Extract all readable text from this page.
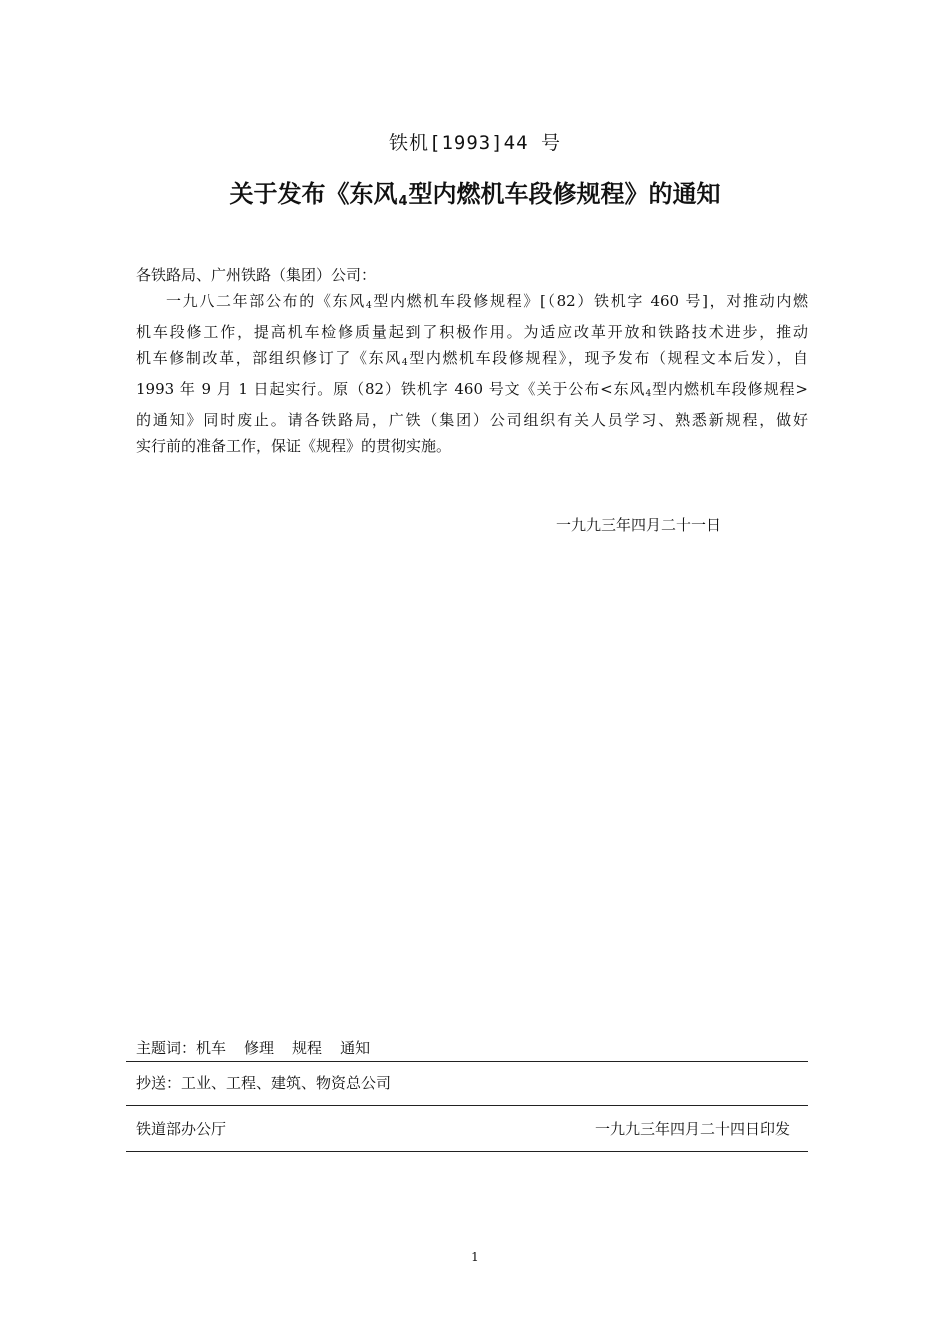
铁机[1993]44 号
关于发布《东风$_4$型内燃机车段修规程》的通知
各铁路局、广州铁路（集团）公司：
一九八二年部公布的《东风4型内燃机车段修规程》[（82）铁机字 460 号]，对推动内燃
机车段修工作，提高机车检修质量起到了积极作用。为适应改革开放和铁路技术进步，推动
机车修制改革，部组织修订了《东风4型内燃机车段修规程》，现予发布（规程文本后发），自
1993 年 9 月 1 日起实行。原（82）铁机字 460 号文《关于公布<东风4型内燃机车段修规程>
的通知》同时废止。请各铁路局，广铁（集团）公司组织有关人员学习、熟悉新规程，做好
实行前的准备工作，保证《规程》的贯彻实施。
一九九三年四月二十一日
主题词：机车 修理 规程 通知
抄送：工业、工程、建筑、物资总公司
铁道部办公厅	一九九三年四月二十四日印发
1
